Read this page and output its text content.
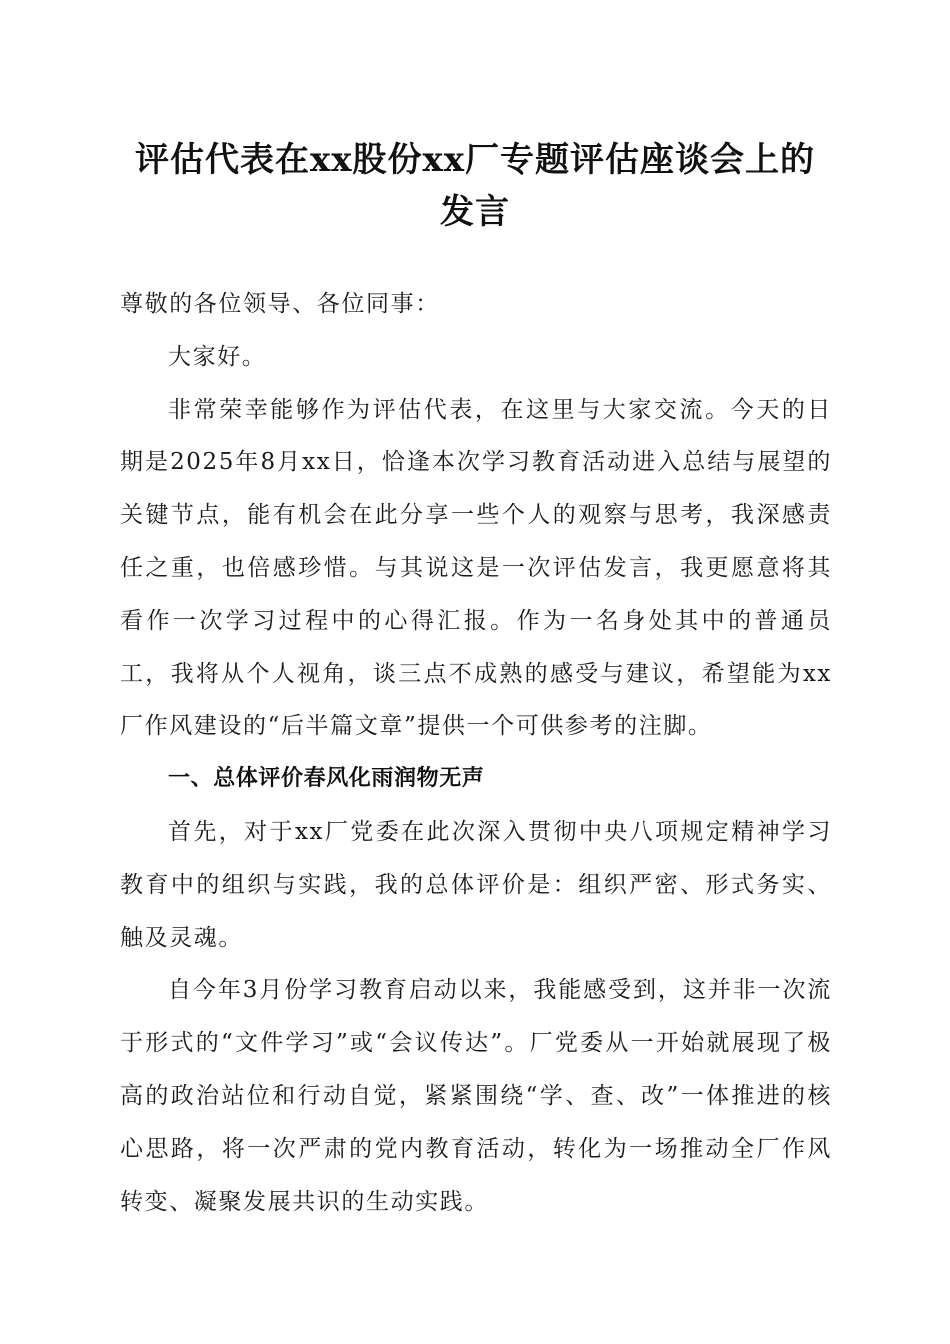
评估代表在xx股份xx厂专题评估座谈会上的
发言

尊敬的各位领导、各位同事：

大家好。

非常荣幸能够作为评估代表，在这里与大家交流。今天的日期是2025年8月xx日，恰逢本次学习教育活动进入总结与展望的关键节点，能有机会在此分享一些个人的观察与思考，我深感责任之重，也倍感珍惜。与其说这是一次评估发言，我更愿意将其看作一次学习过程中的心得汇报。作为一名身处其中的普通员工，我将从个人视角，谈三点不成熟的感受与建议，希望能为xx厂作风建设的“后半篇文章”提供一个可供参考的注脚。

一、总体评价春风化雨润物无声

首先，对于xx厂党委在此次深入贯彻中央八项规定精神学习教育中的组织与实践，我的总体评价是：组织严密、形式务实、触及灵魂。

自今年3月份学习教育启动以来，我能感受到，这并非一次流于形式的“文件学习”或“会议传达”。厂党委从一开始就展现了极高的政治站位和行动自觉，紧紧围绕“学、查、改”一体推进的核心思路，将一次严肃的党内教育活动，转化为一场推动全厂作风转变、凝聚发展共识的生动实践。
